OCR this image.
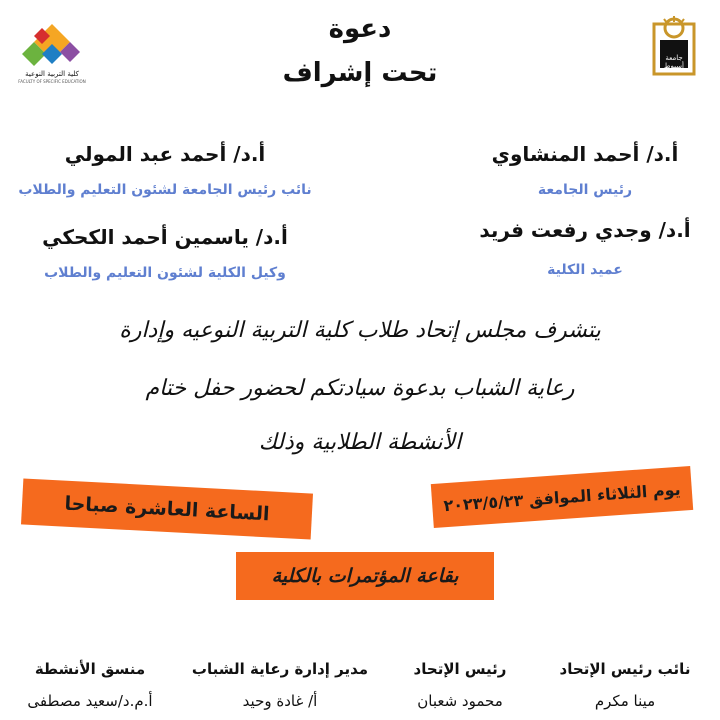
كلية التربية النوعية
FACULTY OF SPECIFIC EDUCATION
جامعة أسيوط
دعوة
تحت إشراف
أ.د/ أحمد المنشاوي
رئيس الجامعة
أ.د/ وجدي رفعت فريد
عميد الكلية
أ.د/ أحمد عبد المولي
نائب رئيس الجامعة لشئون التعليم والطلاب
أ.د/ ياسمين أحمد الكحكي
وكيل الكلية لشئون التعليم والطلاب
يتشرف مجلس إتحاد طلاب كلية التربية النوعيه وإدارة
رعاية الشباب بدعوة سيادتكم لحضور حفل ختام
الأنشطة الطلابية وذلك
يوم الثلاثاء الموافق ٢٠٢٣/٥/٢٣
الساعة العاشرة صباحا
بقاعة المؤتمرات بالكلية
نائب رئيس الإتحاد
مينا مكرم
رئيس الإتحاد
محمود شعبان
مدير إدارة رعاية الشباب
أ/ غادة وحيد
منسق الأنشطة
أ.م.د/سعيد مصطفى
